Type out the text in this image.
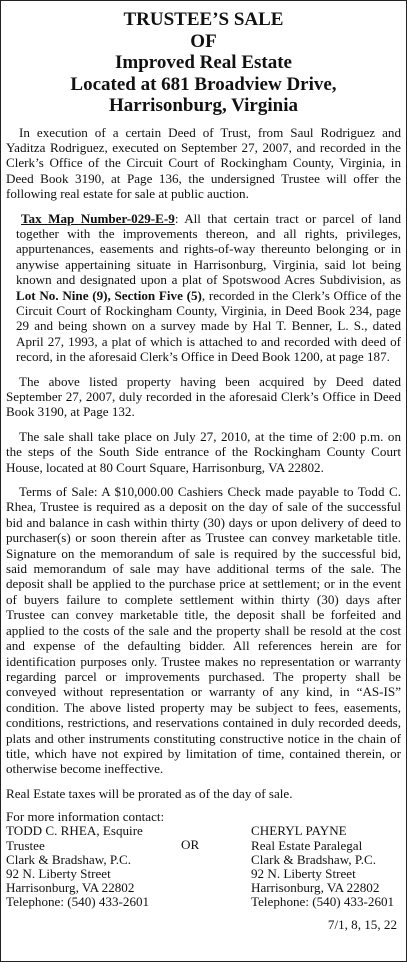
TRUSTEE’S SALE
OF
Improved Real Estate
Located at 681 Broadview Drive,
Harrisonburg, Virginia

In execution of a certain Deed of Trust, from Saul Rodriguez and Yaditza Rodriguez, executed on September 27, 2007, and recorded in the Clerk’s Office of the Circuit Court of Rockingham County, Virginia, in Deed Book 3190, at Page 136, the undersigned Trustee will offer the following real estate for sale at public auction.

Tax Map Number-029-E-9: All that certain tract or parcel of land together with the improvements thereon, and all rights, privileges, appurtenances, easements and rights-of-way thereunto belonging or in anywise appertaining situate in Harrisonburg, Virginia, said lot being known and designated upon a plat of Spotswood Acres Subdivision, as Lot No. Nine (9), Section Five (5), recorded in the Clerk’s Office of the Circuit Court of Rockingham County, Virginia, in Deed Book 234, page 29 and being shown on a survey made by Hal T. Benner, L. S., dated April 27, 1993, a plat of which is attached to and recorded with deed of record, in the aforesaid Clerk’s Office in Deed Book 1200, at page 187.

The above listed property having been acquired by Deed dated September 27, 2007, duly recorded in the aforesaid Clerk’s Office in Deed Book 3190, at Page 132.

The sale shall take place on July 27, 2010, at the time of 2:00 p.m. on the steps of the South Side entrance of the Rockingham County Court House, located at 80 Court Square, Harrisonburg, VA 22802.

Terms of Sale: A $10,000.00 Cashiers Check made payable to Todd C. Rhea, Trustee is required as a deposit on the day of sale of the successful bid and balance in cash within thirty (30) days or upon delivery of deed to purchaser(s) or soon therein after as Trustee can convey marketable title. Signature on the memorandum of sale is required by the successful bid, said memorandum of sale may have additional terms of the sale. The deposit shall be applied to the purchase price at settlement; or in the event of buyers failure to complete settlement within thirty (30) days after Trustee can convey marketable title, the deposit shall be forfeited and applied to the costs of the sale and the property shall be resold at the cost and expense of the defaulting bidder. All references herein are for identification purposes only. Trustee makes no representation or warranty regarding parcel or improvements purchased. The property shall be conveyed without representation or warranty of any kind, in “AS-IS” condition. The above listed property may be subject to fees, easements, conditions, restrictions, and reservations contained in duly recorded deeds, plats and other instruments constituting constructive notice in the chain of title, which have not expired by limitation of time, contained therein, or otherwise become ineffective.

Real Estate taxes will be prorated as of the day of sale.

For more information contact:
TODD C. RHEA, Esquire
Trustee
Clark & Bradshaw, P.C.
92 N. Liberty Street
Harrisonburg, VA 22802
Telephone: (540) 433-2601
OR
CHERYL PAYNE
Real Estate Paralegal
Clark & Bradshaw, P.C.
92 N. Liberty Street
Harrisonburg, VA 22802
Telephone: (540) 433-2601
7/1, 8, 15, 22
